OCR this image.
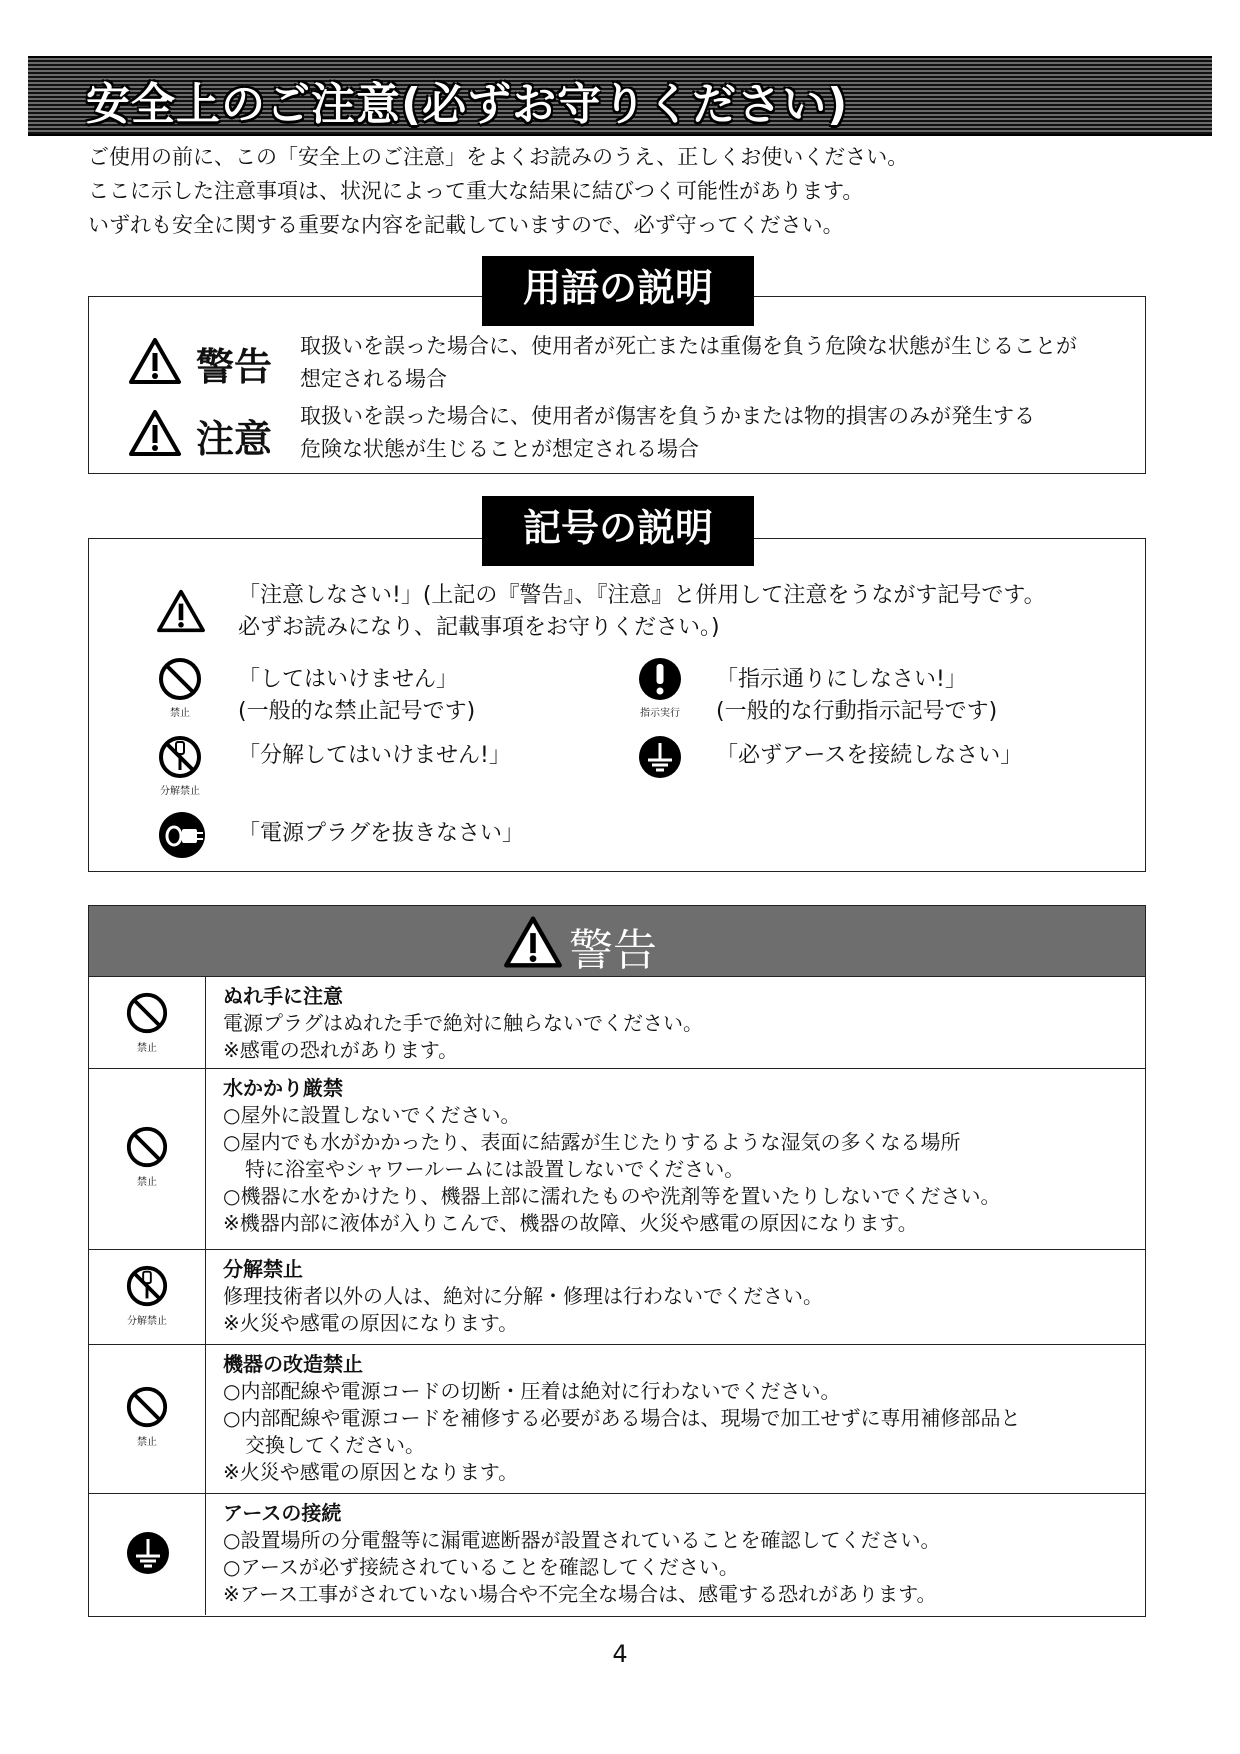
安全上のご注意(必ずお守りください)
ご使用の前に、この「安全上のご注意」をよくお読みのうえ、正しくお使いください。
ここに示した注意事項は、状況によって重大な結果に結びつく可能性があります。
いずれも安全に関する重要な内容を記載していますので、必ず守ってください。
用語の説明
警告 取扱いを誤った場合に、使用者が死亡または重傷を負う危険な状態が生じることが
想定される場合
注意
取扱いを誤った場合に、使用者が傷害を負うかまたは物的損害のみが発生する
危険な状態が生じることが想定される場合
記号の説明
「注意しなさい!」(上記の『警告』、『注意』と併用して注意をうながす記号です。
必ずお読みになり、記載事項をお守りください。)
禁止
「してはいけません」
(一般的な禁止記号です)	指示実行
「指示通りにしなさい!」
(一般的な行動指示記号です)
分解禁止
「分解してはいけません!」	「必ずアースを接続しなさい」
「電源プラグを抜きなさい」
警告
禁止
ぬれ手に注意
電源プラグはぬれた手で絶対に触らないでください。
※感電の恐れがあります。
禁止
水かかり厳禁
○屋外に設置しないでください。
○屋内でも水がかかったり、表面に結露が生じたりするような湿気の多くなる場所
特に浴室やシャワールームには設置しないでください。
○機器に水をかけたり、機器上部に濡れたものや洗剤等を置いたりしないでください。
※機器内部に液体が入りこんで、機器の故障、火災や感電の原因になります。
分解禁止
分解禁止
修理技術者以外の人は、絶対に分解・修理は行わないでください。
※火災や感電の原因になります。
禁止
機器の改造禁止
○内部配線や電源コードの切断・圧着は絶対に行わないでください。
○内部配線や電源コードを補修する必要がある場合は、現場で加工せずに専用補修部品と
交換してください。
※火災や感電の原因となります。
アースの接続
○設置場所の分電盤等に漏電遮断器が設置されていることを確認してください。
○アースが必ず接続されていることを確認してください。
※アース工事がされていない場合や不完全な場合は、感電する恐れがあります。
4
